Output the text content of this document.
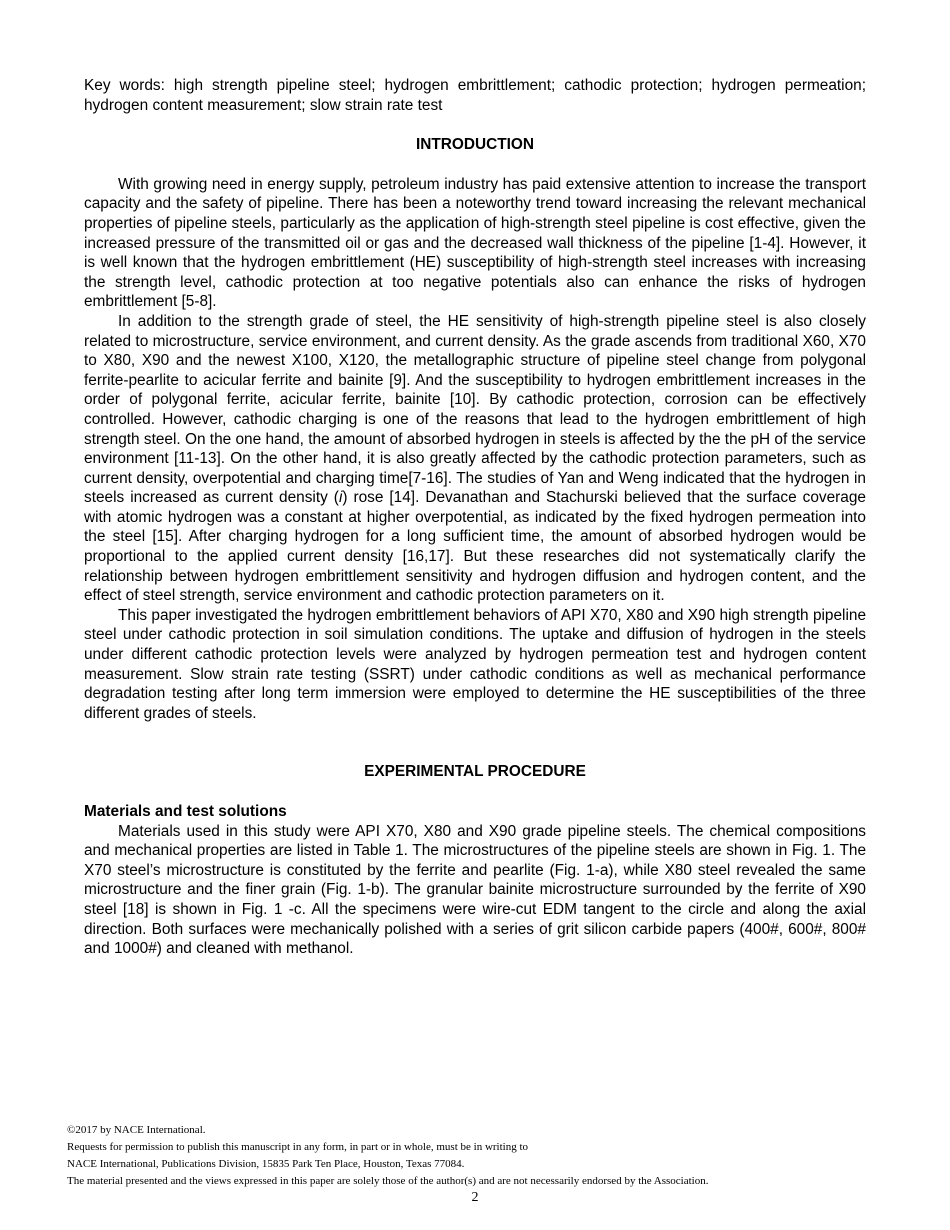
Key words: high strength pipeline steel; hydrogen embrittlement; cathodic protection; hydrogen permeation; hydrogen content measurement; slow strain rate test

INTRODUCTION

With growing need in energy supply, petroleum industry has paid extensive attention to increase the transport capacity and the safety of pipeline. There has been a noteworthy trend toward increasing the relevant mechanical properties of pipeline steels, particularly as the application of high-strength steel pipeline is cost effective, given the increased pressure of the transmitted oil or gas and the decreased wall thickness of the pipeline [1-4]. However, it is well known that the hydrogen embrittlement (HE) susceptibility of high-strength steel increases with increasing the strength level, cathodic protection at too negative potentials also can enhance the risks of hydrogen embrittlement [5-8].

In addition to the strength grade of steel, the HE sensitivity of high-strength pipeline steel is also closely related to microstructure, service environment, and current density. As the grade ascends from traditional X60, X70 to X80, X90 and the newest X100, X120, the metallographic structure of pipeline steel change from polygonal ferrite-pearlite to acicular ferrite and bainite [9]. And the susceptibility to hydrogen embrittlement increases in the order of polygonal ferrite, acicular ferrite, bainite [10]. By cathodic protection, corrosion can be effectively controlled. However, cathodic charging is one of the reasons that lead to the hydrogen embrittlement of high strength steel. On the one hand, the amount of absorbed hydrogen in steels is affected by the the pH of the service environment [11-13]. On the other hand, it is also greatly affected by the cathodic protection parameters, such as current density, overpotential and charging time[7-16]. The studies of Yan and Weng indicated that the hydrogen in steels increased as current density (i) rose [14]. Devanathan and Stachurski believed that the surface coverage with atomic hydrogen was a constant at higher overpotential, as indicated by the fixed hydrogen permeation into the steel [15]. After charging hydrogen for a long sufficient time, the amount of absorbed hydrogen would be proportional to the applied current density [16,17]. But these researches did not systematically clarify the relationship between hydrogen embrittlement sensitivity and hydrogen diffusion and hydrogen content, and the effect of steel strength, service environment and cathodic protection parameters on it.

This paper investigated the hydrogen embrittlement behaviors of API X70, X80 and X90 high strength pipeline steel under cathodic protection in soil simulation conditions. The uptake and diffusion of hydrogen in the steels under different cathodic protection levels were analyzed by hydrogen permeation test and hydrogen content measurement. Slow strain rate testing (SSRT) under cathodic conditions as well as mechanical performance degradation testing after long term immersion were employed to determine the HE susceptibilities of the three different grades of steels.

EXPERIMENTAL PROCEDURE

Materials and test solutions

Materials used in this study were API X70, X80 and X90 grade pipeline steels. The chemical compositions and mechanical properties are listed in Table 1. The microstructures of the pipeline steels are shown in Fig. 1. The X70 steel’s microstructure is constituted by the ferrite and pearlite (Fig. 1-a), while X80 steel revealed the same microstructure and the finer grain (Fig. 1-b). The granular bainite microstructure surrounded by the ferrite of X90 steel [18] is shown in Fig. 1 -c. All the specimens were wire-cut EDM tangent to the circle and along the axial direction. Both surfaces were mechanically polished with a series of grit silicon carbide papers (400#, 600#, 800# and 1000#) and cleaned with methanol.

©2017 by NACE International.

Requests for permission to publish this manuscript in any form, in part or in whole, must be in writing to

NACE International, Publications Division, 15835 Park Ten Place, Houston, Texas 77084.

The material presented and the views expressed in this paper are solely those of the author(s) and are not necessarily endorsed by the Association.

2
